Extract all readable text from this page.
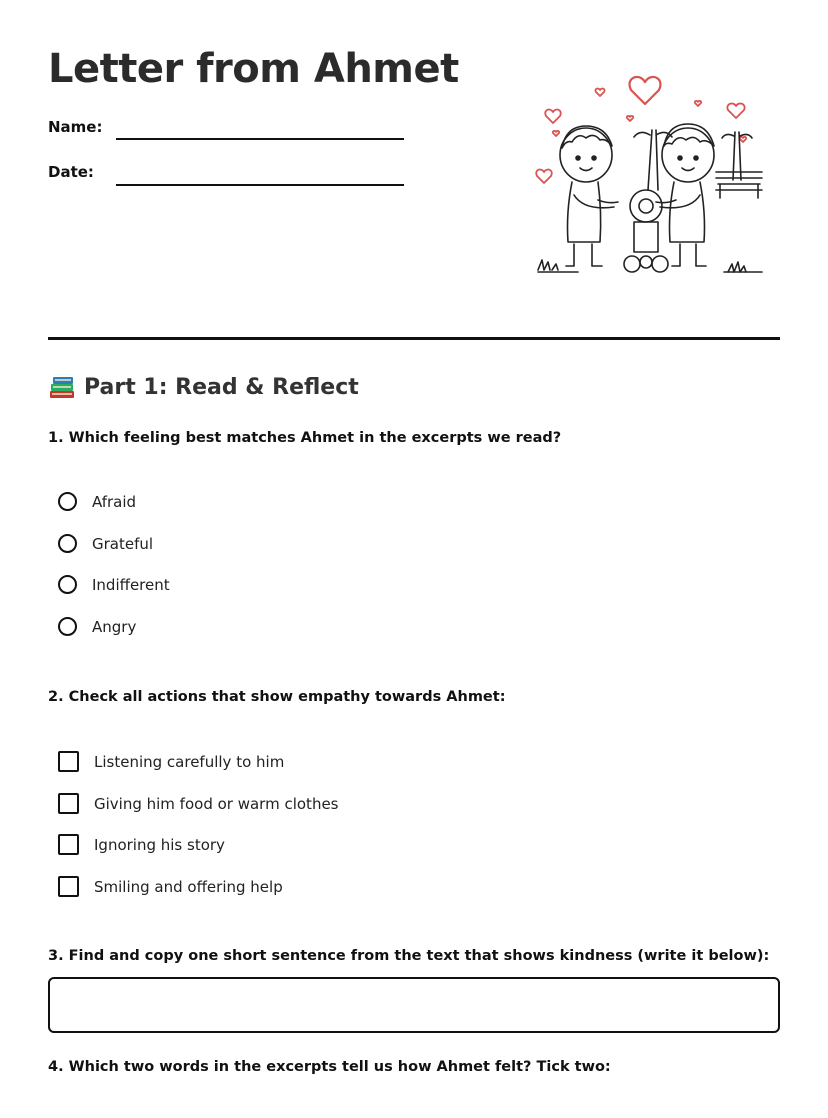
Letter from Ahmet
Name:
Date:
Part 1: Read & Reflect

1. Which feeling best matches Ahmet in the excerpts we read?

Afraid
Grateful
Indifferent
Angry

2. Check all actions that show empathy towards Ahmet:

Listening carefully to him
Giving him food or warm clothes
Ignoring his story
Smiling and offering help

3. Find and copy one short sentence from the text that shows kindness (write it below):

4. Which two words in the excerpts tell us how Ahmet felt? Tick two:
